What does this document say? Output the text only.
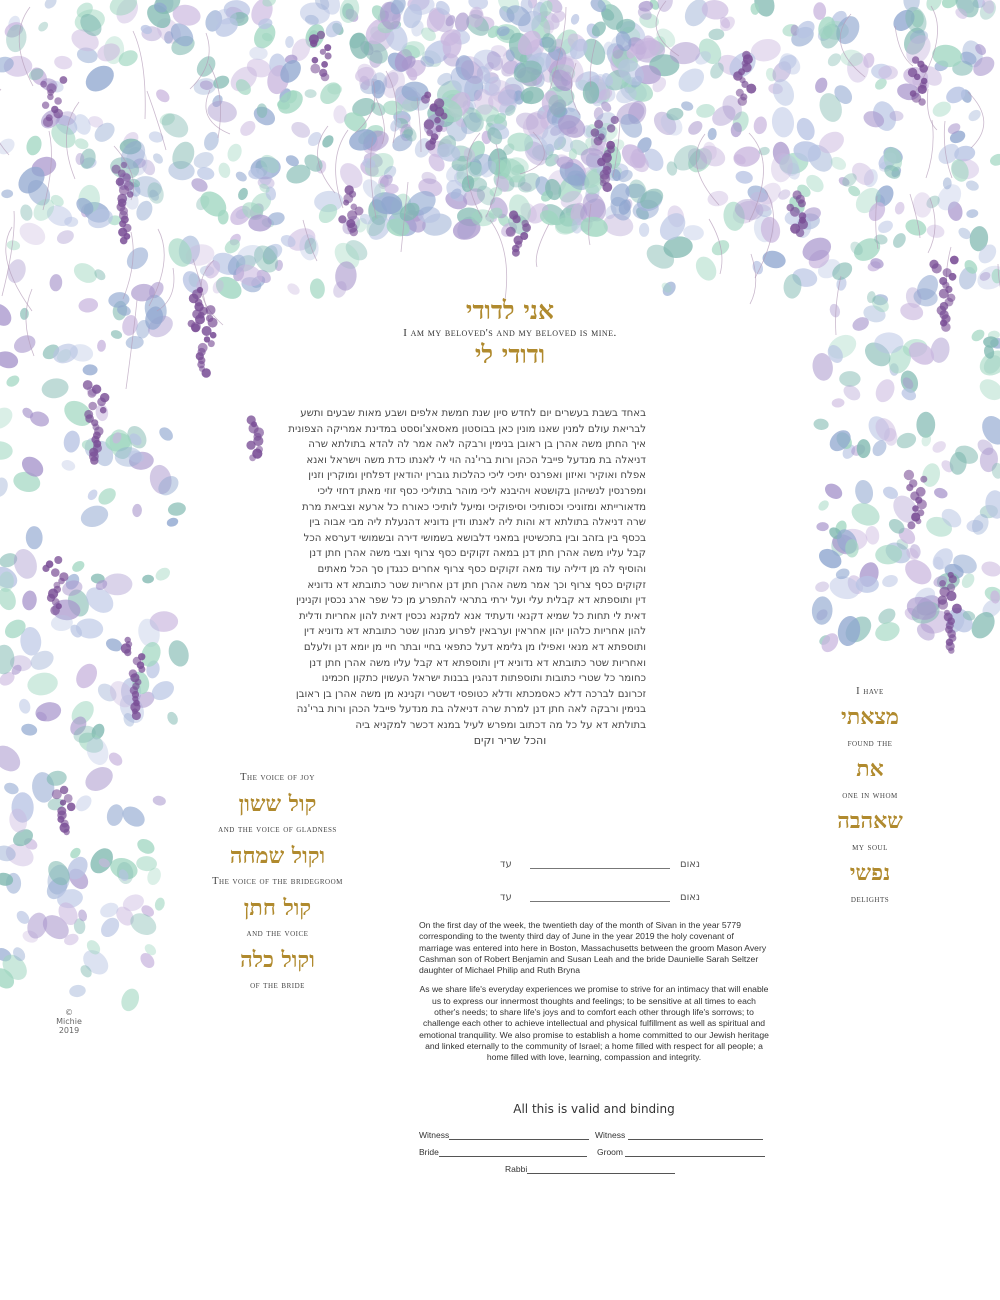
אני לדודי
I am my beloved's and my beloved is mine.
ודודי לי
באחד בשבת בעשרים יום לחדש סיון שנת חמשת אלפים ושבע מאות שבעים ותשע
לבריאת עולם למנין שאנו מונין כאן בבוסטון מאסאצ'וססט במדינת אמריקה הצפונית
איך החתן משה אהרן בן ראובן בנימין ורבקה לאה אמר לה להדא בתולתא שרה
דניאלה בת מנדעל פייבל הכהן ורות ברי'נה הוי לי לאנתו כדת משה וישראל ואנא
אפלח ואוקיר ואיזון ואפרנס יתיכי ליכי כהלכות גוברין יהודאין דפלחין ומוקרין וזנין
ומפרנסין לנשיהון בקושטא ויהיבנא ליכי מוהר בתוליכי כסף זוזי מאתן דחזי ליכי
מדאורייתא ומזוניכי וכסותיכי וסיפוקיכי ומיעל לותיכי כאורח כל ארעא וצביאת מרת
שרה דניאלה בתולתא דא והות ליה לאנתו ודין נדוניא דהנעלת ליה מבי אבוה בין
בכסף בין בזהב ובין בתכשיטין במאני דלבושא בשמושי דירה ובשמושי דערסא הכל
קבל עליו משה אהרן חתן דנן במאה זקוקים כסף צרוף וצבי משה אהרן חתן דנן
והוסיף לה מן דיליה עוד מאה זקוקים כסף צרוף אחרים כנגדן סך הכל מאתים
זקוקים כסף צרוף וכך אמר משה אהרן חתן דנן אחריות שטר כתובתא דא נדוניא
דין ותוספתא דא קבלית עלי ועל ירתי בתראי להתפרע מן כל שפר ארג נכסין וקנינין
דאית לי תחות כל שמיא דקנאי ודעתיד אנא למקנא נכסין דאית להון אחריות ודלית
להון אחריות כלהון יהון אחראין וערבאין לפרוע מנהון שטר כתובתא דא נדוניא דין
ותוספתא דא מנאי ואפילו מן גלימא דעל כתפאי בחיי ובתר חיי מן יומא דנן ולעלם
ואחריות שטר כתובתא דא נדוניא דין ותוספתא דא קבל עליו משה אהרן חתן דנן
כחומר כל שטרי כתובות ותוספתות דנהגין בבנות ישראל העשוין כתקון חכמינו
זכרונם לברכה דלא כאסמכתא ודלא כטופסי דשטרי וקנינא מן משה אהרן בן ראובן
בנימין ורבקה לאה חתן דנן למרת שרה דניאלה בת מנדעל פייבל הכהן ורות ברי'נה
בתולתא דא על כל מה דכתוב ומפרש לעיל במנא דכשר למקניא ביה
והכל שריר וקים
נאום
עד
נאום
עד
The voice of joy
קול ששון
and the voice of gladness
וקול שמחה
The voice of the bridegroom
קול חתן
and the voice
וקול כלה
of the bride
I have
מצאתי
found the
את
one in whom
שאהבה
my soul
נפשי
delights

On the first day of the week, the twentieth day of the month of Sivan in the year 5779 corresponding to the twenty third day of June in the year 2019 the holy covenant of marriage was entered into here in Boston, Massachusetts between the groom Mason Avery Cashman son of Robert Benjamin and Susan Leah and the bride Daunielle Sarah Seltzer daughter of Michael Philip and Ruth Bryna

As we share life's everyday experiences we promise to strive for an intimacy that will enable us to express our innermost thoughts and feelings; to be sensitive at all times to each other's needs; to share life's joys and to comfort each other through life's sorrows; to challenge each other to achieve intellectual and physical fulfillment as well as spiritual and emotional tranquility. We also promise to establish a home committed to our Jewish heritage and linked eternally to the community of Israel; a home filled with respect for all people; a home filled with love, learning, compassion and integrity.

All this is valid and binding
Witness	Witness
Bride	Groom
Rabbi
©
Michie
2019
